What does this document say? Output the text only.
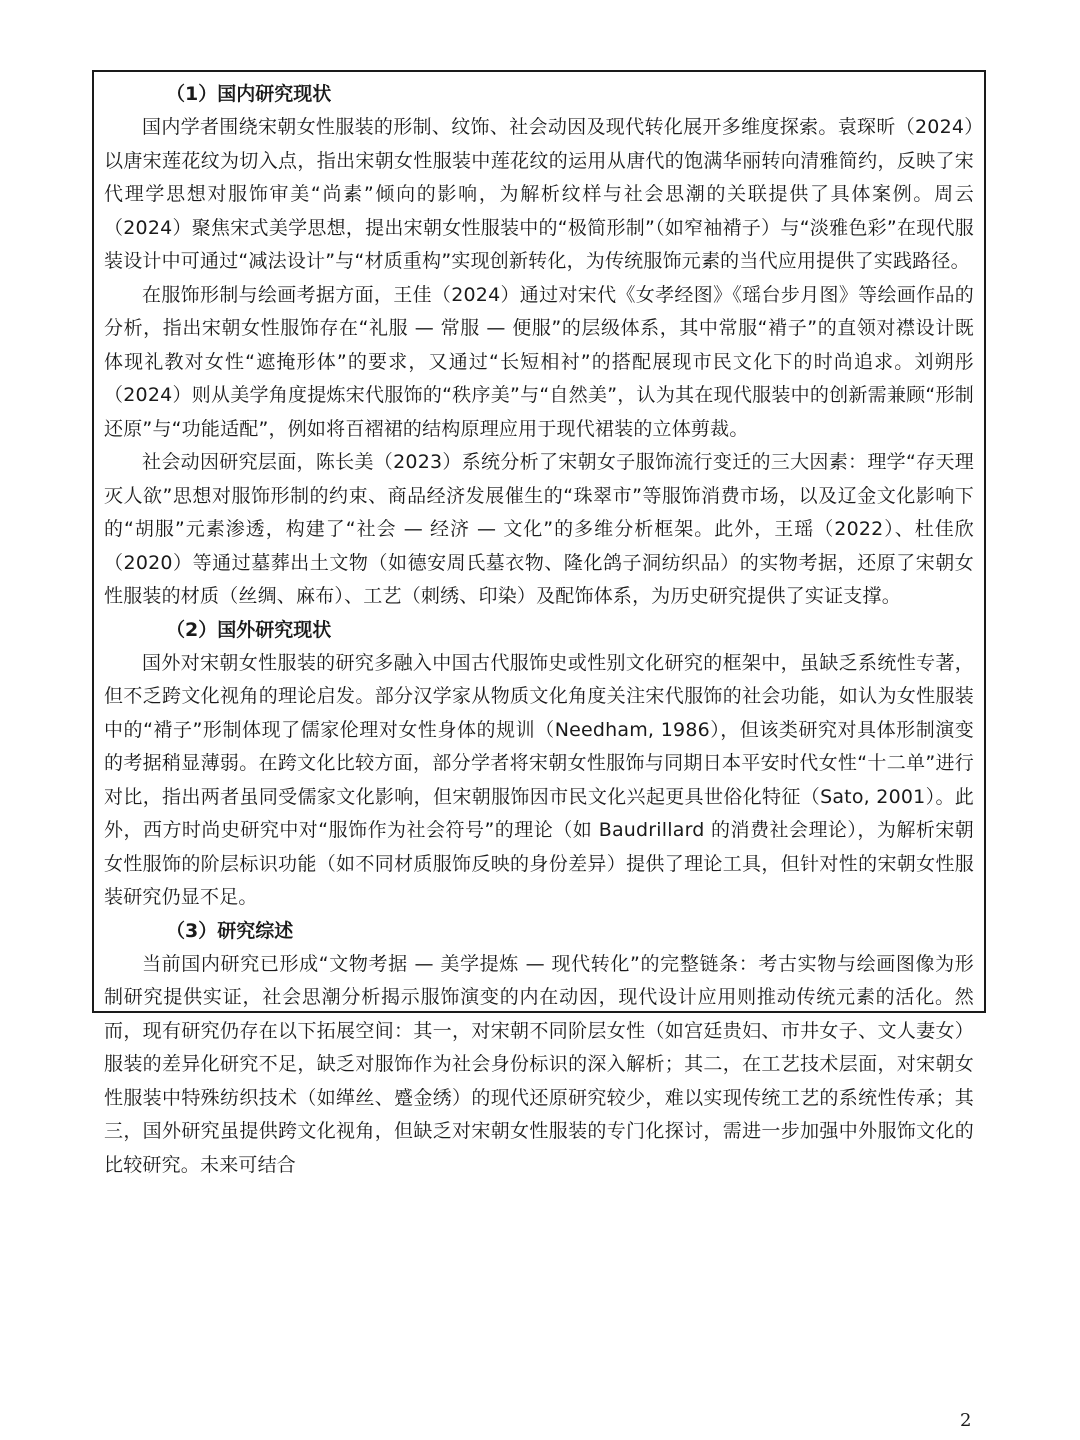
（1）国内研究现状

国内学者围绕宋朝女性服装的形制、纹饰、社会动因及现代转化展开多维度探索。袁琛昕（2024）以唐宋莲花纹为切入点，指出宋朝女性服装中莲花纹的运用从唐代的饱满华丽转向清雅简约，反映了宋代理学思想对服饰审美“尚素”倾向的影响，为解析纹样与社会思潮的关联提供了具体案例。周云（2024）聚焦宋式美学思想，提出宋朝女性服装中的“极简形制”（如窄袖褙子）与“淡雅色彩”在现代服装设计中可通过“减法设计”与“材质重构”实现创新转化，为传统服饰元素的当代应用提供了实践路径。

在服饰形制与绘画考据方面，王佳（2024）通过对宋代《女孝经图》《瑶台步月图》等绘画作品的分析，指出宋朝女性服饰存在“礼服 — 常服 — 便服”的层级体系，其中常服“褙子”的直领对襟设计既体现礼教对女性“遮掩形体”的要求，又通过“长短相衬”的搭配展现市民文化下的时尚追求。刘朔彤（2024）则从美学角度提炼宋代服饰的“秩序美”与“自然美”，认为其在现代服装中的创新需兼顾“形制还原”与“功能适配”，例如将百褶裙的结构原理应用于现代裙装的立体剪裁。

社会动因研究层面，陈长美（2023）系统分析了宋朝女子服饰流行变迁的三大因素：理学“存天理灭人欲”思想对服饰形制的约束、商品经济发展催生的“珠翠市”等服饰消费市场，以及辽金文化影响下的“胡服”元素渗透，构建了“社会 — 经济 — 文化”的多维分析框架。此外，王瑶（2022）、杜佳欣（2020）等通过墓葬出土文物（如德安周氏墓衣物、隆化鸽子洞纺织品）的实物考据，还原了宋朝女性服装的材质（丝绸、麻布）、工艺（刺绣、印染）及配饰体系，为历史研究提供了实证支撑。

（2）国外研究现状

国外对宋朝女性服装的研究多融入中国古代服饰史或性别文化研究的框架中，虽缺乏系统性专著，但不乏跨文化视角的理论启发。部分汉学家从物质文化角度关注宋代服饰的社会功能，如认为女性服装中的“褙子”形制体现了儒家伦理对女性身体的规训（Needham, 1986），但该类研究对具体形制演变的考据稍显薄弱。在跨文化比较方面，部分学者将宋朝女性服饰与同期日本平安时代女性“十二单”进行对比，指出两者虽同受儒家文化影响，但宋朝服饰因市民文化兴起更具世俗化特征（Sato, 2001）。此外，西方时尚史研究中对“服饰作为社会符号”的理论（如 Baudrillard 的消费社会理论），为解析宋朝女性服饰的阶层标识功能（如不同材质服饰反映的身份差异）提供了理论工具，但针对性的宋朝女性服装研究仍显不足。

（3）研究综述

当前国内研究已形成“文物考据 — 美学提炼 — 现代转化”的完整链条：考古实物与绘画图像为形制研究提供实证，社会思潮分析揭示服饰演变的内在动因，现代设计应用则推动传统元素的活化。然而，现有研究仍存在以下拓展空间：其一，对宋朝不同阶层女性（如宫廷贵妇、市井女子、文人妻女）服装的差异化研究不足，缺乏对服饰作为社会身份标识的深入解析；其二，在工艺技术层面，对宋朝女性服装中特殊纺织技术（如缂丝、蹙金绣）的现代还原研究较少，难以实现传统工艺的系统性传承；其三，国外研究虽提供跨文化视角，但缺乏对宋朝女性服装的专门化探讨，需进一步加强中外服饰文化的比较研究。未来可结合

2
